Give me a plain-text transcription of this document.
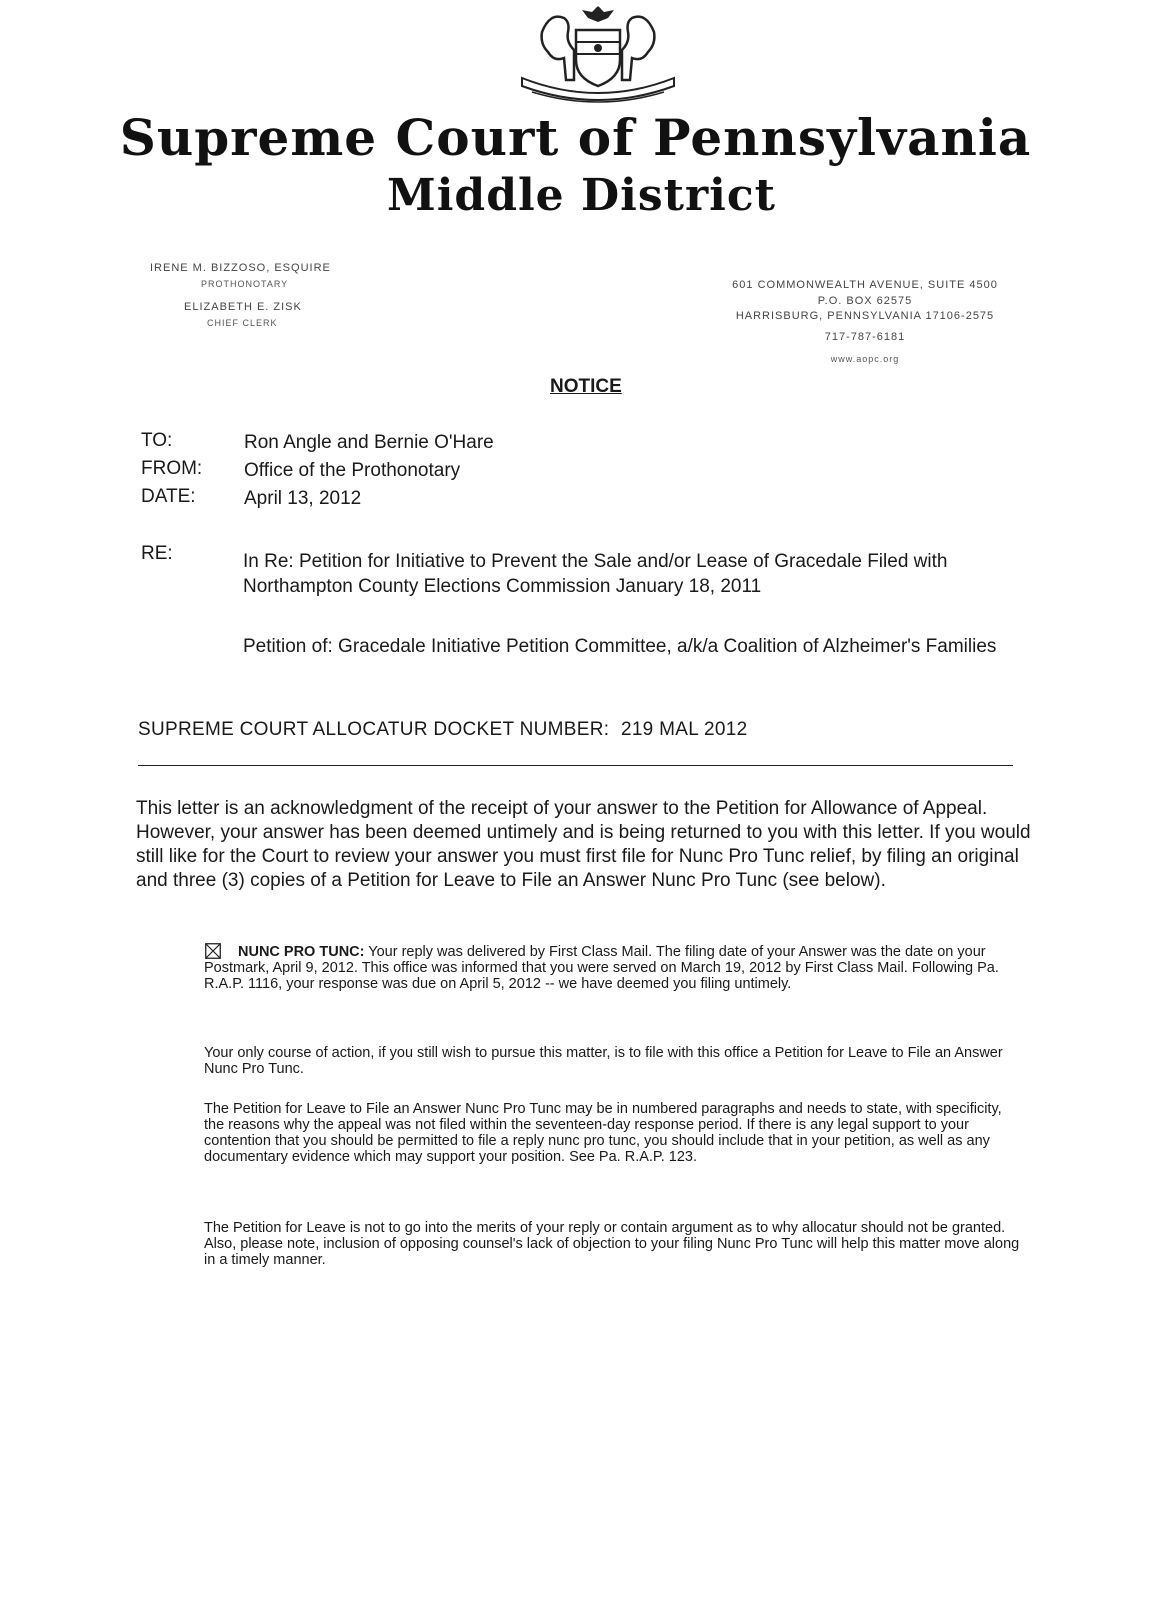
Supreme Court of Pennsylvania
Middle District
IRENE M. BIZZOSO, ESQUIRE
PROTHONOTARY
ELIZABETH E. ZISK
CHIEF CLERK
601 COMMONWEALTH AVENUE, SUITE 4500
P.O. BOX 62575
HARRISBURG, PENNSYLVANIA 17106-2575
717-787-6181
www.aopc.org
NOTICE
TO:	Ron Angle and Bernie O'Hare
FROM: Office of the Prothonotary
DATE:	April 13, 2012
RE:	In Re: Petition for Initiative to Prevent the Sale and/or Lease of Gracedale Filed with Northampton County Elections Commission January 18, 2011
Petition of: Gracedale Initiative Petition Committee, a/k/a Coalition of Alzheimer's Families
SUPREME COURT ALLOCATUR DOCKET NUMBER: 219 MAL 2012
This letter is an acknowledgment of the receipt of your answer to the Petition for Allowance of Appeal. However, your answer has been deemed untimely and is being returned to you with this letter. If you would still like for the Court to review your answer you must first file for Nunc Pro Tunc relief, by filing an original and three (3) copies of a Petition for Leave to File an Answer Nunc Pro Tunc (see below).
NUNC PRO TUNC: Your reply was delivered by First Class Mail. The filing date of your Answer was the date on your Postmark, April 9, 2012. This office was informed that you were served on March 19, 2012 by First Class Mail. Following Pa. R.A.P. 1116, your response was due on April 5, 2012 -- we have deemed you filing untimely.
Your only course of action, if you still wish to pursue this matter, is to file with this office a Petition for Leave to File an Answer Nunc Pro Tunc.
The Petition for Leave to File an Answer Nunc Pro Tunc may be in numbered paragraphs and needs to state, with specificity, the reasons why the appeal was not filed within the seventeen-day response period. If there is any legal support to your contention that you should be permitted to file a reply nunc pro tunc, you should include that in your petition, as well as any documentary evidence which may support your position. See Pa. R.A.P. 123.
The Petition for Leave is not to go into the merits of your reply or contain argument as to why allocatur should not be granted. Also, please note, inclusion of opposing counsel's lack of objection to your filing Nunc Pro Tunc will help this matter move along in a timely manner.
